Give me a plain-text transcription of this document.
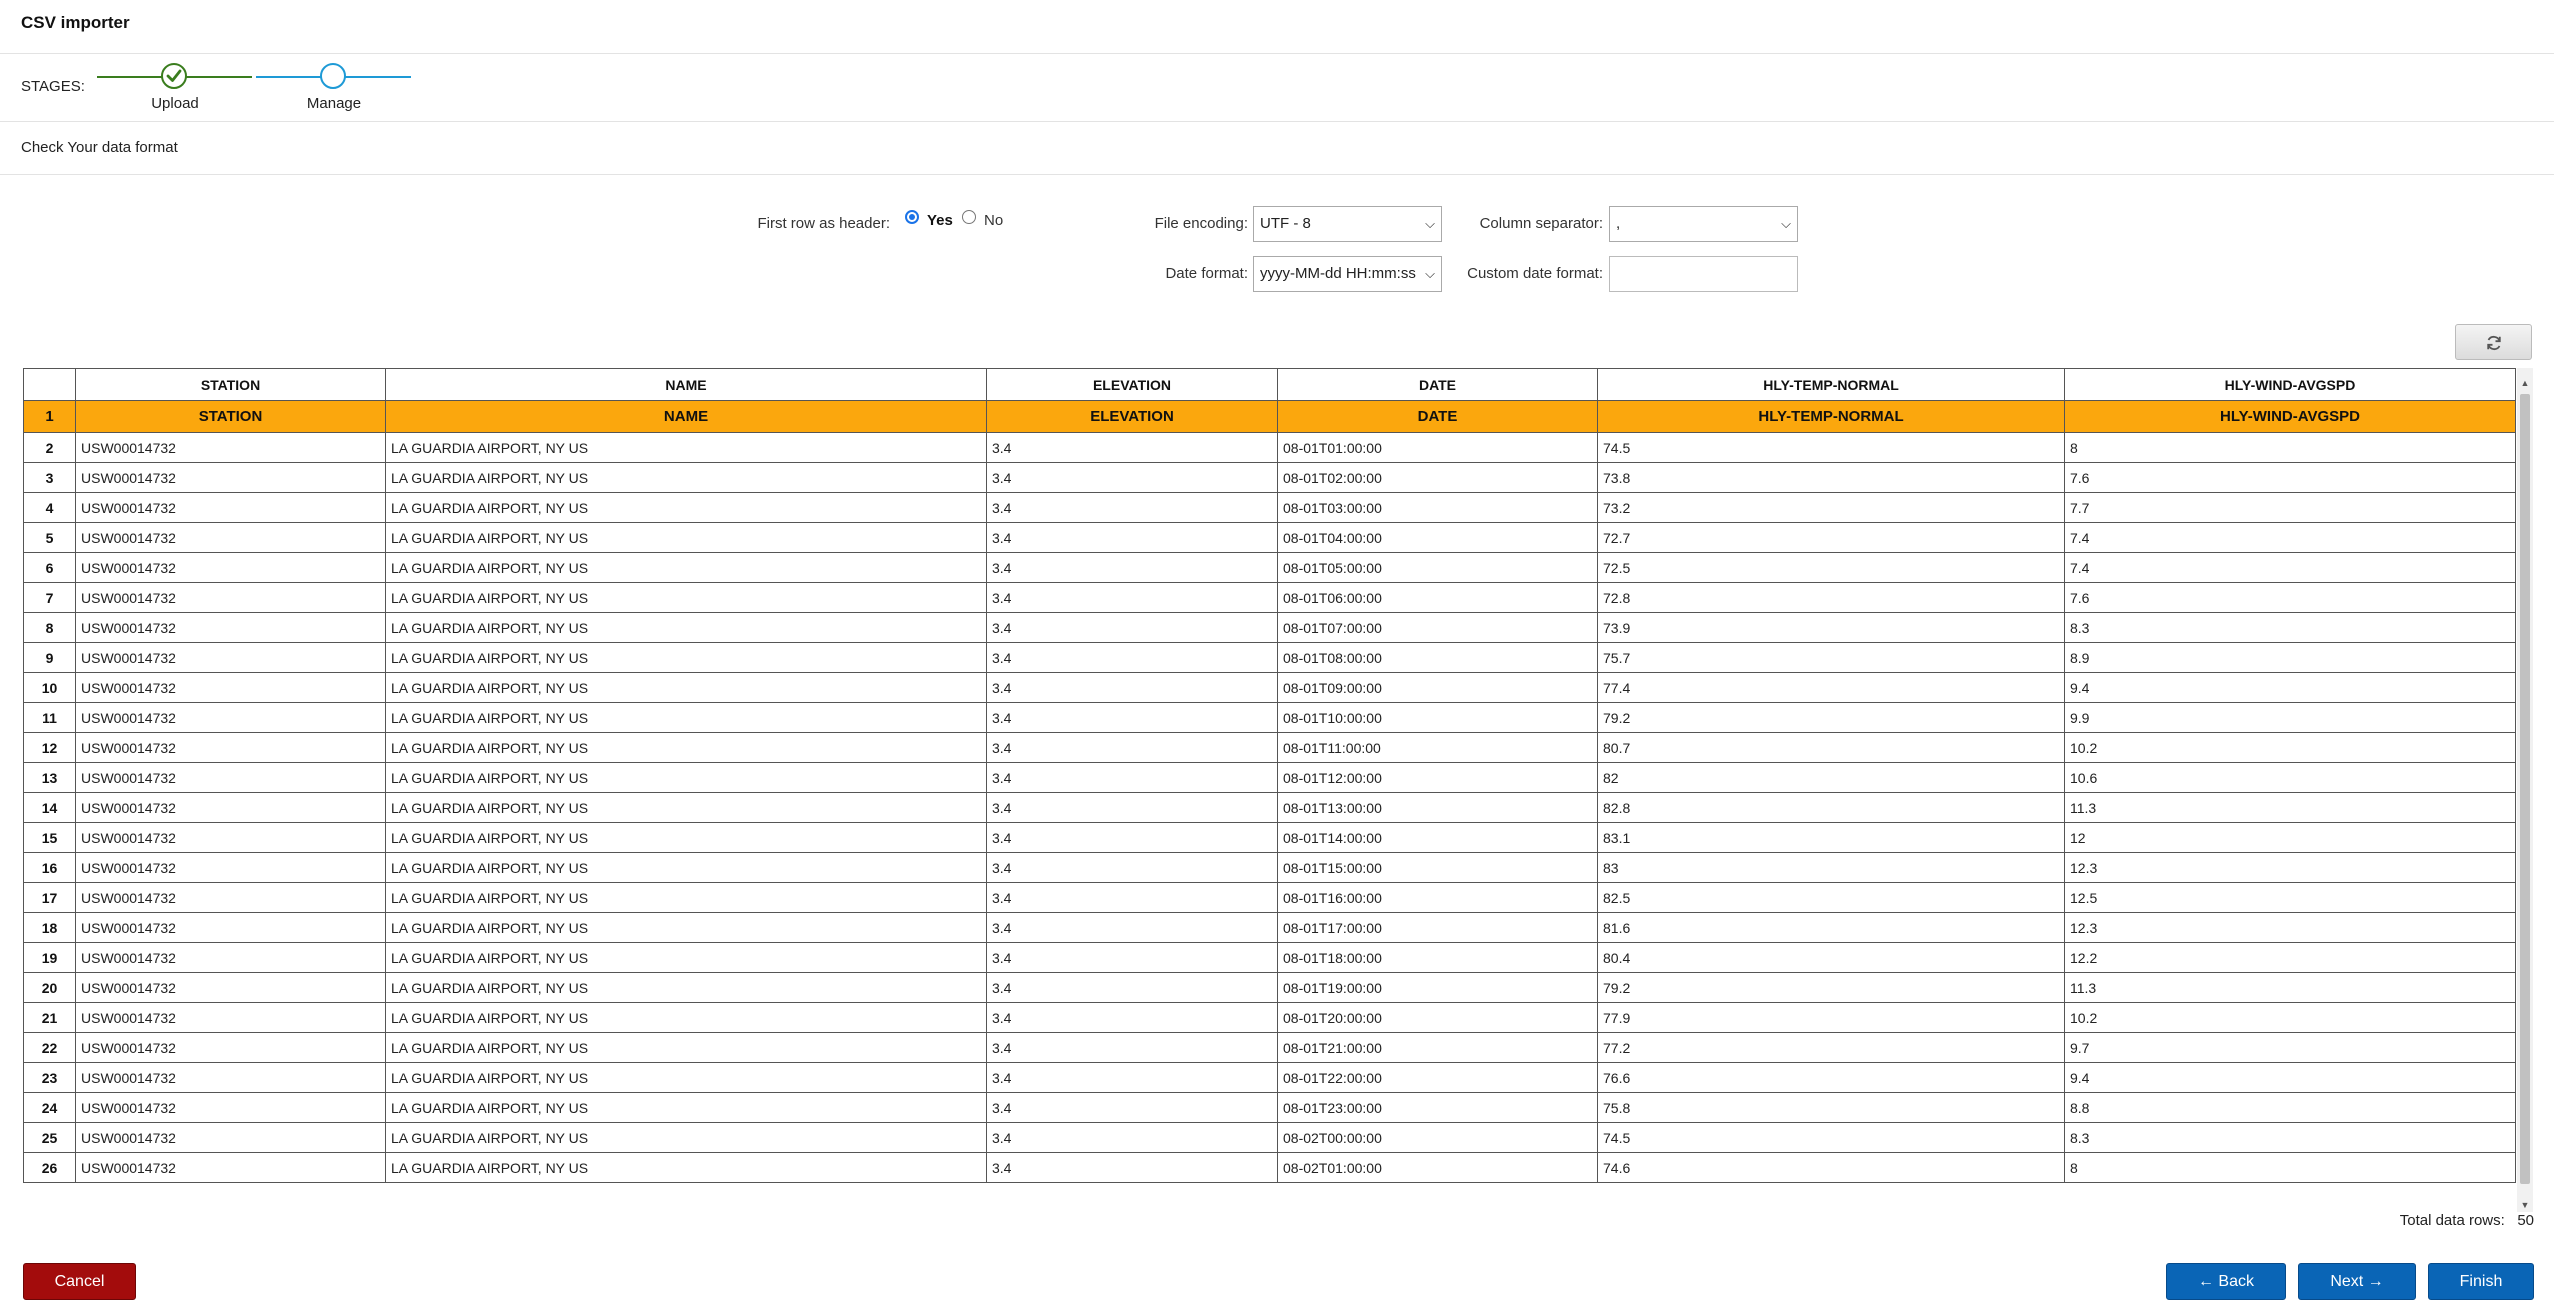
CSV importer
STAGES:
Upload	Manage
Check Your data format
First row as header: Yes No	File encoding: UTF - 8	⌵	Column separator: ,	⌵
Date format: yyyy-MM-dd HH:mm:ss ⌵	Custom date format:
	STATION	NAME	ELEVATION	DATE	HLY-TEMP-NORMAL	HLY-WIND-AVGSPD
1	STATION	NAME	ELEVATION	DATE	HLY-TEMP-NORMAL	HLY-WIND-AVGSPD
2	USW00014732	LA GUARDIA AIRPORT, NY US	3.4	08-01T01:00:00	74.5	8
3	USW00014732	LA GUARDIA AIRPORT, NY US	3.4	08-01T02:00:00	73.8	7.6
4	USW00014732	LA GUARDIA AIRPORT, NY US	3.4	08-01T03:00:00	73.2	7.7
5	USW00014732	LA GUARDIA AIRPORT, NY US	3.4	08-01T04:00:00	72.7	7.4
6	USW00014732	LA GUARDIA AIRPORT, NY US	3.4	08-01T05:00:00	72.5	7.4
7	USW00014732	LA GUARDIA AIRPORT, NY US	3.4	08-01T06:00:00	72.8	7.6
8	USW00014732	LA GUARDIA AIRPORT, NY US	3.4	08-01T07:00:00	73.9	8.3
9	USW00014732	LA GUARDIA AIRPORT, NY US	3.4	08-01T08:00:00	75.7	8.9
10	USW00014732	LA GUARDIA AIRPORT, NY US	3.4	08-01T09:00:00	77.4	9.4
11	USW00014732	LA GUARDIA AIRPORT, NY US	3.4	08-01T10:00:00	79.2	9.9
12	USW00014732	LA GUARDIA AIRPORT, NY US	3.4	08-01T11:00:00	80.7	10.2
13	USW00014732	LA GUARDIA AIRPORT, NY US	3.4	08-01T12:00:00	82	10.6
14	USW00014732	LA GUARDIA AIRPORT, NY US	3.4	08-01T13:00:00	82.8	11.3
15	USW00014732	LA GUARDIA AIRPORT, NY US	3.4	08-01T14:00:00	83.1	12
16	USW00014732	LA GUARDIA AIRPORT, NY US	3.4	08-01T15:00:00	83	12.3
17	USW00014732	LA GUARDIA AIRPORT, NY US	3.4	08-01T16:00:00	82.5	12.5
18	USW00014732	LA GUARDIA AIRPORT, NY US	3.4	08-01T17:00:00	81.6	12.3
19	USW00014732	LA GUARDIA AIRPORT, NY US	3.4	08-01T18:00:00	80.4	12.2
20	USW00014732	LA GUARDIA AIRPORT, NY US	3.4	08-01T19:00:00	79.2	11.3
21	USW00014732	LA GUARDIA AIRPORT, NY US	3.4	08-01T20:00:00	77.9	10.2
22	USW00014732	LA GUARDIA AIRPORT, NY US	3.4	08-01T21:00:00	77.2	9.7
23	USW00014732	LA GUARDIA AIRPORT, NY US	3.4	08-01T22:00:00	76.6	9.4
24	USW00014732	LA GUARDIA AIRPORT, NY US	3.4	08-01T23:00:00	75.8	8.8
25	USW00014732	LA GUARDIA AIRPORT, NY US	3.4	08-02T00:00:00	74.5	8.3
26	USW00014732	LA GUARDIA AIRPORT, NY US	3.4	08-02T01:00:00	74.6	8
▲
▼
Total data rows: 50
Cancel	← Back	Next →	Finish
